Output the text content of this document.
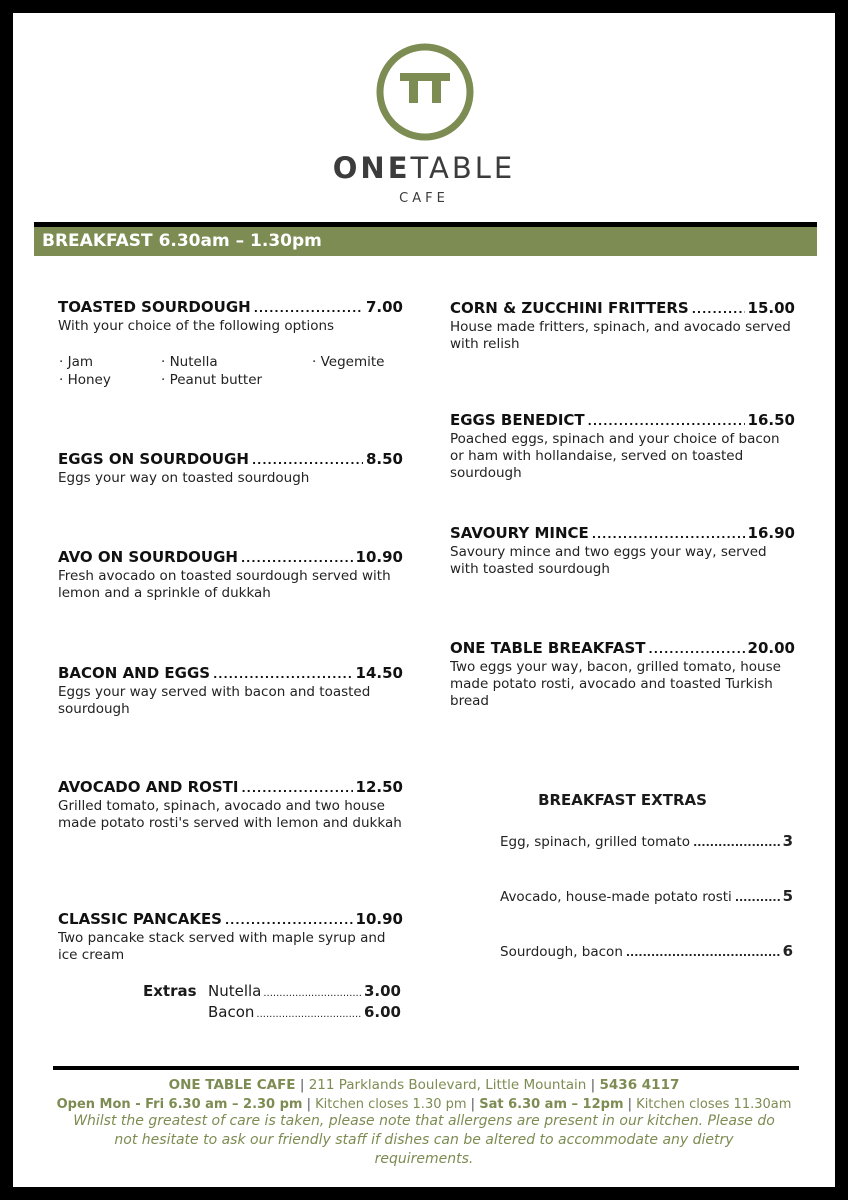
ONETABLE
CAFE
BREAKFAST 6.30am – 1.30pm
TOASTED SOURDOUGH .....	7.00
With your choice of the following options
· Jam	· Nutella	· Vegemite
· Honey	· Peanut butter
EGGS ON SOURDOUGH .....	8.50
Eggs your way on toasted sourdough
AVO ON SOURDOUGH .....	10.90
Fresh avocado on toasted sourdough served with lemon and a sprinkle of dukkah
BACON AND EGGS .....	14.50
Eggs your way served with bacon and toasted sourdough
AVOCADO AND ROSTI .....	12.50
Grilled tomato, spinach, avocado and two house made potato rosti's served with lemon and dukkah
CLASSIC PANCAKES .....	10.90
Two pancake stack served with maple syrup and ice cream
Extras Nutella .....	3.00
Bacon .....	6.00
CORN & ZUCCHINI FRITTERS .....	15.00
House made fritters, spinach, and avocado served with relish
EGGS BENEDICT .....	16.50
Poached eggs, spinach and your choice of bacon or ham with hollandaise, served on toasted sourdough
SAVOURY MINCE .....	16.90
Savoury mince and two eggs your way, served with toasted sourdough
ONE TABLE BREAKFAST .....	20.00
Two eggs your way, bacon, grilled tomato, house made potato rosti, avocado and toasted Turkish bread
BREAKFAST EXTRAS
Egg, spinach, grilled tomato .....	3
Avocado, house-made potato rosti .....	5
Sourdough, bacon .....	6
ONE TABLE CAFE | 211 Parklands Boulevard, Little Mountain | 5436 4117
Open Mon - Fri 6.30 am – 2.30 pm | Kitchen closes 1.30 pm | Sat 6.30 am – 12pm | Kitchen closes 11.30am
Whilst the greatest of care is taken, please note that allergens are present in our kitchen. Please do not hesitate to ask our friendly staff if dishes can be altered to accommodate any dietry requirements.
